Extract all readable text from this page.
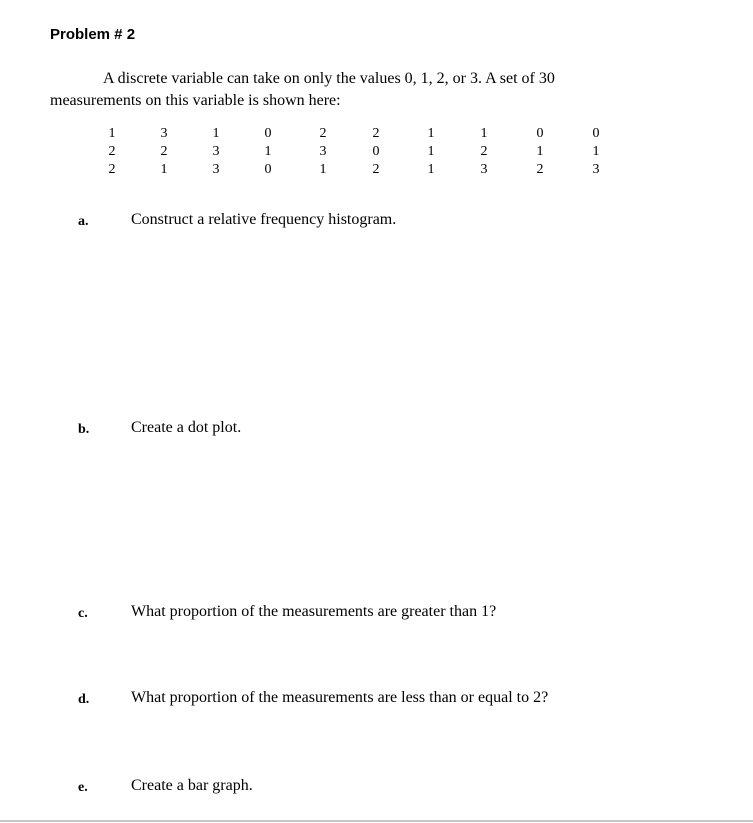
Problem # 2
A discrete variable can take on only the values 0, 1, 2, or 3. A set of 30
measurements on this variable is shown here:
1	3	1	0	2	2	1	1	0	0
2	2	3	1	3	0	1	2	1	1
2	1	3	0	1	2	1	3	2	3
a.	Construct a relative frequency histogram.
b.	Create a dot plot.
c.	What proportion of the measurements are greater than 1?
d.	What proportion of the measurements are less than or equal to 2?
e.	Create a bar graph.
